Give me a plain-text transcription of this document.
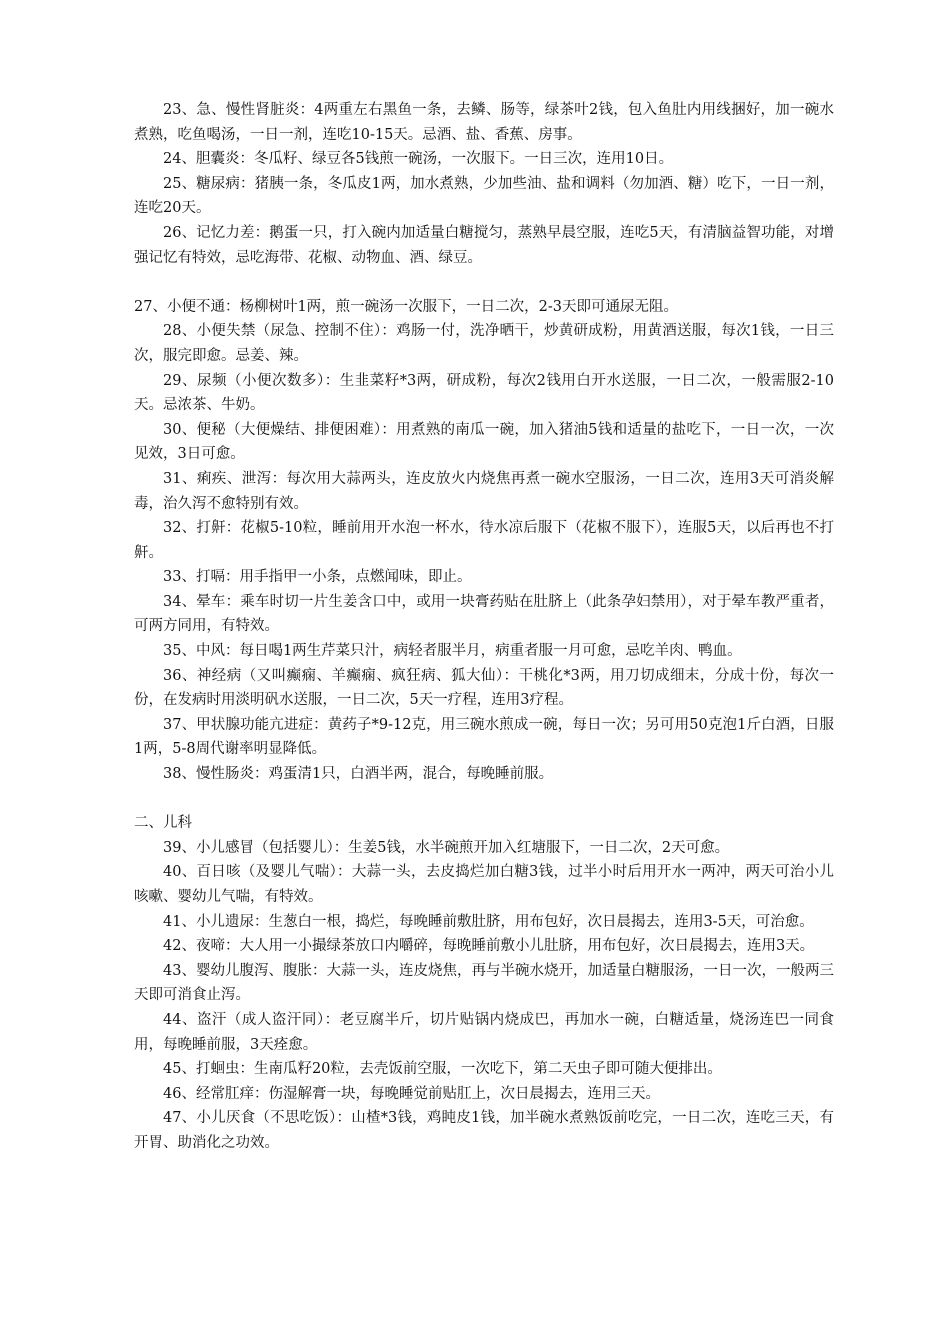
23、急、慢性肾脏炎：4两重左右黑鱼一条，去鳞、肠等，绿茶叶2钱，包入鱼肚内用线捆好，加一碗水煮熟，吃鱼喝汤，一日一剂，连吃10-15天。忌酒、盐、香蕉、房事。

24、胆囊炎：冬瓜籽、绿豆各5钱煎一碗汤，一次服下。一日三次，连用10日。

25、糖尿病：猪胰一条，冬瓜皮1两，加水煮熟，少加些油、盐和调料（勿加酒、糖）吃下，一日一剂，连吃20天。

26、记忆力差：鹅蛋一只，打入碗内加适量白糖搅匀，蒸熟早晨空服，连吃5天，有清脑益智功能，对增强记忆有特效，忌吃海带、花椒、动物血、酒、绿豆。

27、小便不通：杨柳树叶1两，煎一碗汤一次服下，一日二次，2-3天即可通尿无阻。

28、小便失禁（尿急、控制不住）：鸡肠一付，洗净晒干，炒黄研成粉，用黄酒送服，每次1钱，一日三次，服完即愈。忌姜、辣。

29、尿频（小便次数多）：生韭菜籽*3两，研成粉，每次2钱用白开水送服，一日二次，一般需服2-10天。忌浓茶、牛奶。

30、便秘（大便燥结、排便困难）：用煮熟的南瓜一碗，加入猪油5钱和适量的盐吃下，一日一次，一次见效，3日可愈。

31、痢疾、泄泻：每次用大蒜两头，连皮放火内烧焦再煮一碗水空服汤，一日二次，连用3天可消炎解毒，治久泻不愈特别有效。

32、打鼾：花椒5-10粒，睡前用开水泡一杯水，待水凉后服下（花椒不服下），连服5天，以后再也不打鼾。

33、打嗝：用手指甲一小条，点燃闻味，即止。

34、晕车：乘车时切一片生姜含口中，或用一块膏药贴在肚脐上（此条孕妇禁用），对于晕车教严重者，可两方同用，有特效。

35、中风：每日喝1两生芹菜只汁，病轻者服半月，病重者服一月可愈，忌吃羊肉、鸭血。

36、神经病（又叫癫痫、羊癫痫、疯狂病、狐大仙）：干桃化*3两，用刀切成细末，分成十份，每次一份，在发病时用淡明矾水送服，一日二次，5天一疗程，连用3疗程。

37、甲状腺功能亢进症：黄药子*9-12克，用三碗水煎成一碗，每日一次；另可用50克泡1斤白酒，日服1两，5-8周代谢率明显降低。

38、慢性肠炎：鸡蛋清1只，白酒半两，混合，每晚睡前服。

二、儿科

39、小儿感冒（包括婴儿）：生姜5钱，水半碗煎开加入红塘服下，一日二次，2天可愈。

40、百日咳（及婴儿气喘）：大蒜一头，去皮捣烂加白糖3钱，过半小时后用开水一两冲，两天可治小儿咳嗽、婴幼儿气喘，有特效。

41、小儿遗尿：生葱白一根，捣烂，每晚睡前敷肚脐，用布包好，次日晨揭去，连用3-5天，可治愈。

42、夜啼：大人用一小撮绿茶放口内嚼碎，每晚睡前敷小儿肚脐，用布包好，次日晨揭去，连用3天。

43、婴幼儿腹泻、腹胀：大蒜一头，连皮烧焦，再与半碗水烧开，加适量白糖服汤，一日一次，一般两三天即可消食止泻。

44、盗汗（成人盗汗同）：老豆腐半斤，切片贴锅内烧成巴，再加水一碗，白糖适量，烧汤连巴一同食用，每晚睡前服，3天痊愈。

45、打蛔虫：生南瓜籽20粒，去壳饭前空服，一次吃下，第二天虫子即可随大便排出。

46、经常肛痒：伤湿解膏一块，每晚睡觉前贴肛上，次日晨揭去，连用三天。

47、小儿厌食（不思吃饭）：山楂*3钱，鸡盹皮1钱，加半碗水煮熟饭前吃完，一日二次，连吃三天，有开胃、助消化之功效。
